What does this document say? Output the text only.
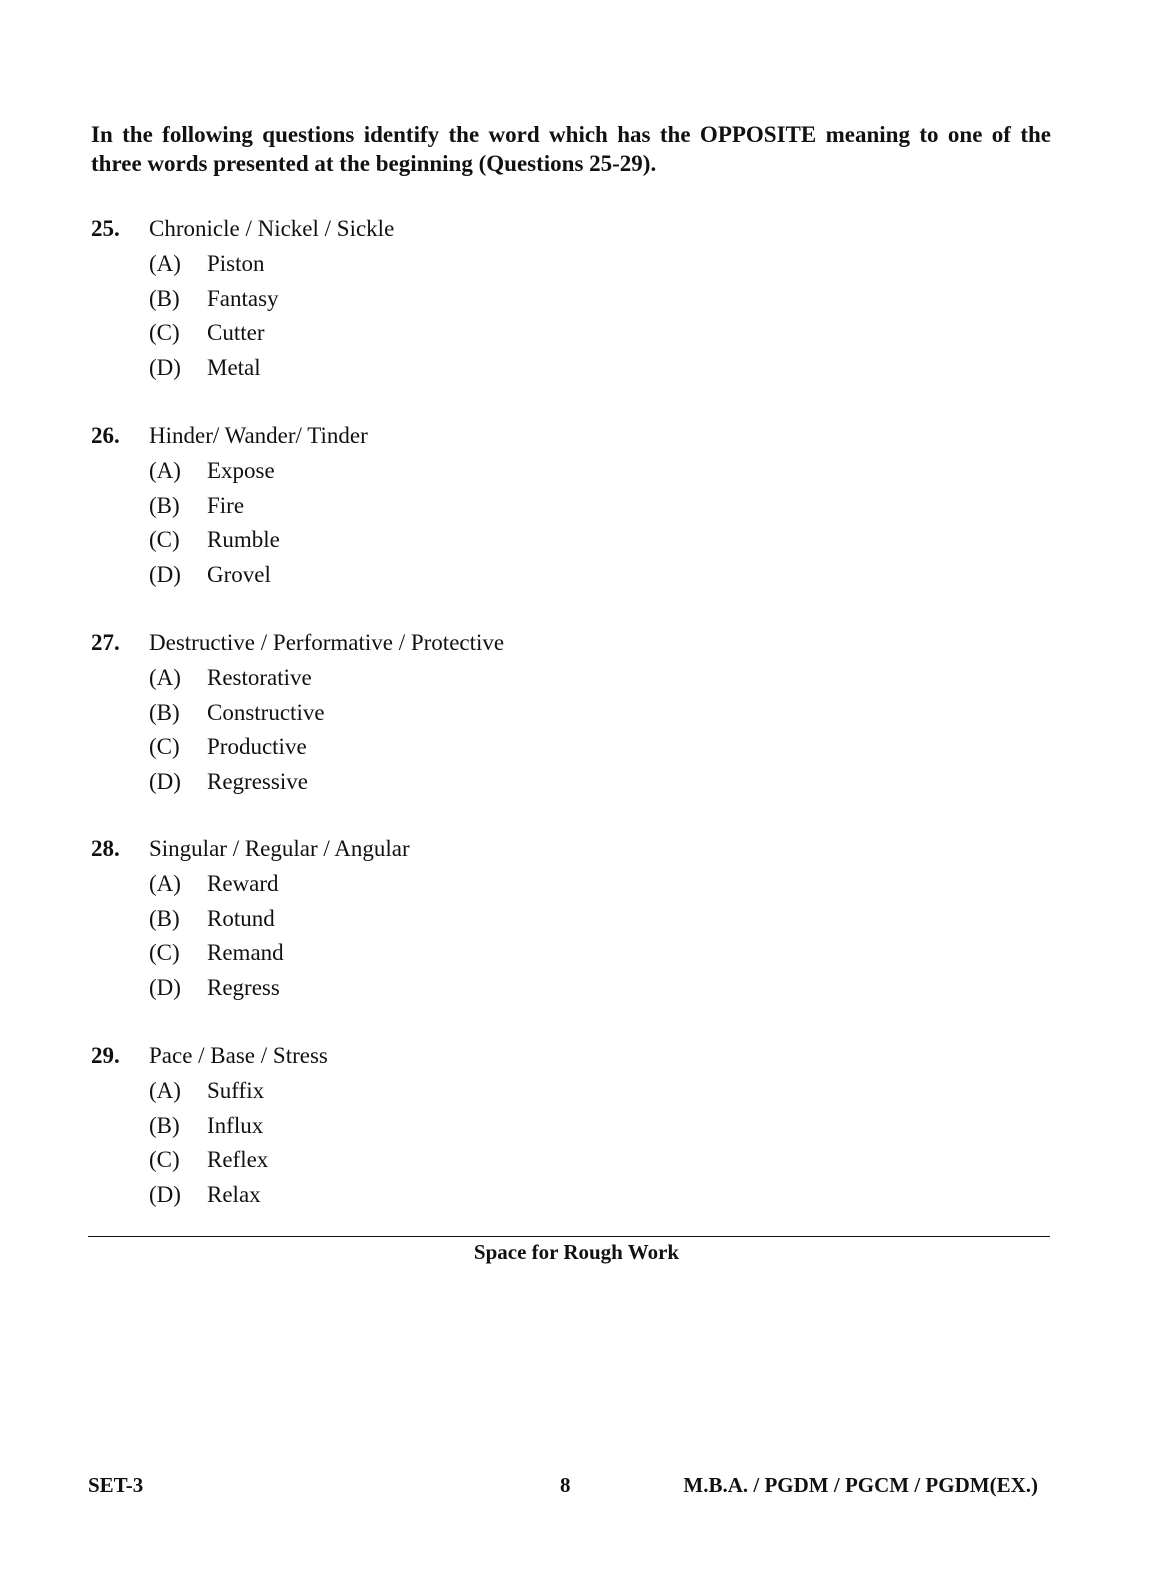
In the following questions identify the word which has the OPPOSITE meaning to one of the three words presented at the beginning (Questions 25-29).
25.	Chronicle / Nickel / Sickle
(A)	Piston
(B)	Fantasy
(C)	Cutter
(D)	Metal
26.	Hinder/ Wander/ Tinder
(A)	Expose
(B)	Fire
(C)	Rumble
(D)	Grovel
27.	Destructive / Performative / Protective
(A)	Restorative
(B)	Constructive
(C)	Productive
(D)	Regressive
28.	Singular / Regular / Angular
(A)	Reward
(B)	Rotund
(C)	Remand
(D)	Regress
29.	Pace / Base / Stress
(A)	Suffix
(B)	Influx
(C)	Reflex
(D)	Relax
Space for Rough Work
SET-3	8	M.B.A. / PGDM / PGCM / PGDM(EX.)
